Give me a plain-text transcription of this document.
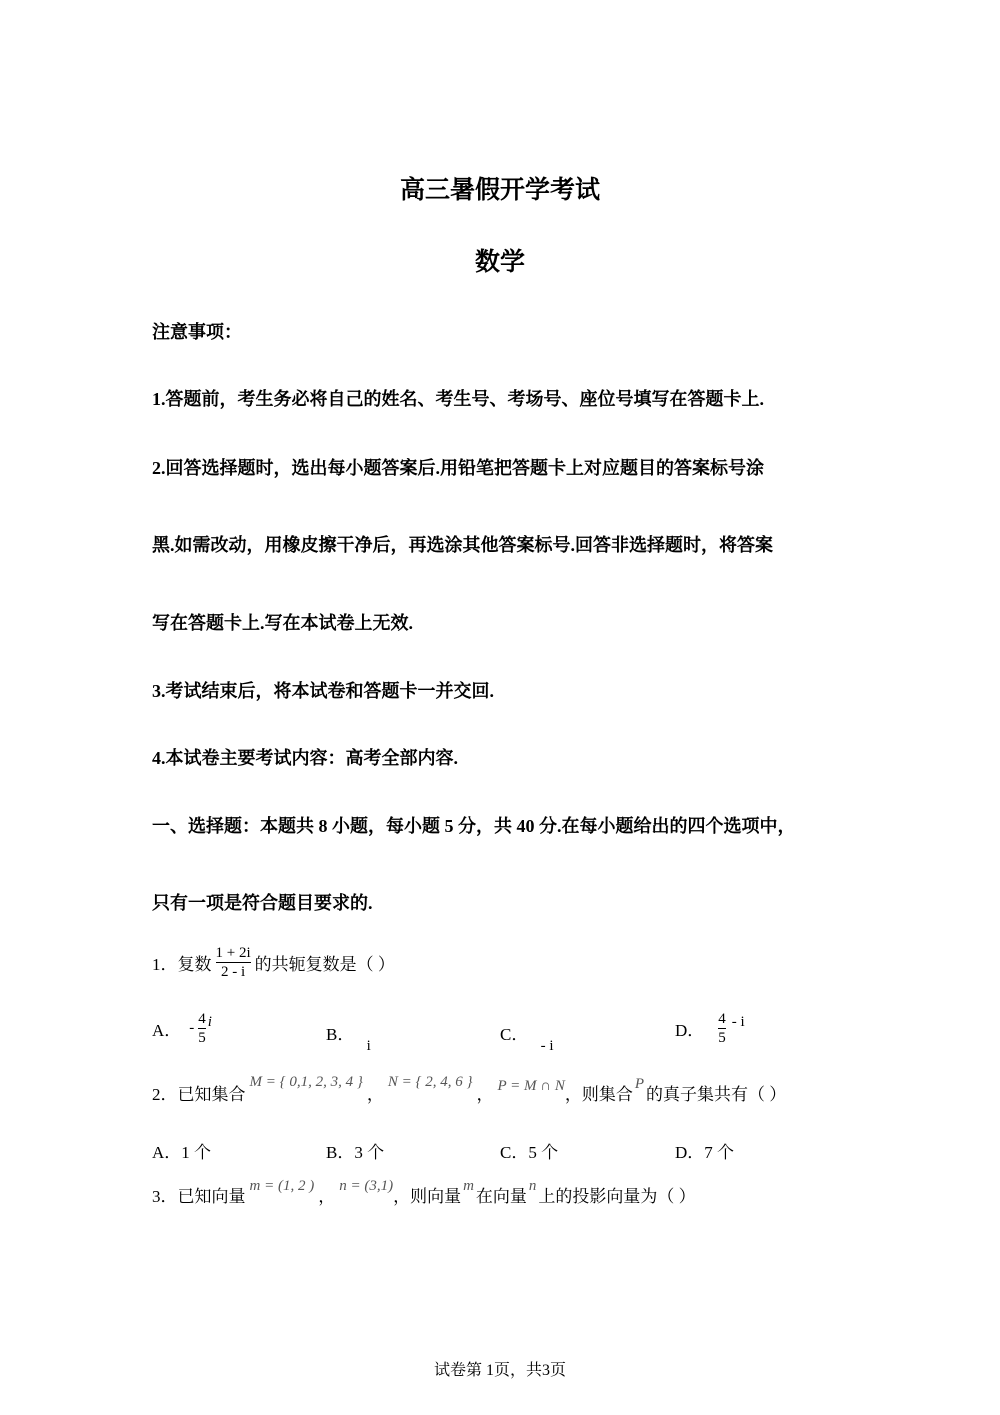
高三暑假开学考试
数学
注意事项：
1.答题前，考生务必将自己的姓名、考生号、考场号、座位号填写在答题卡上.
2.回答选择题时，选出每小题答案后.用铅笔把答题卡上对应题目的答案标号涂
黑.如需改动，用橡皮擦干净后，再选涂其他答案标号.回答非选择题时，将答案
写在答题卡上.写在本试卷上无效.
3.考试结束后，将本试卷和答题卡一并交回.
4.本试卷主要考试内容：高考全部内容.
一、选择题：本题共 8 小题，每小题 5 分，共 40 分.在每小题给出的四个选项中，
只有一项是符合题目要求的.
1．复数 $\frac{1 + 2i}{2 - i}$ 的共轭复数是（ ）
A． - $\frac{4}{5}$ i
B． i
C． - i
D． $\frac{4}{5}$ - i
2．已知集合
M = { 0,1, 2, 3, 4 }
，
N = { 2, 4, 6 }
， P = M ∩ N ，则集合
P
的真子集共有（ ）
A．1 个	B．3 个	C．5 个	D．7 个
3．已知向量
m = (1, 2 )
，
n = (3,1)
，则向量
m
在向量
n
上的投影向量为（ ）
试卷第 1页，共3页
